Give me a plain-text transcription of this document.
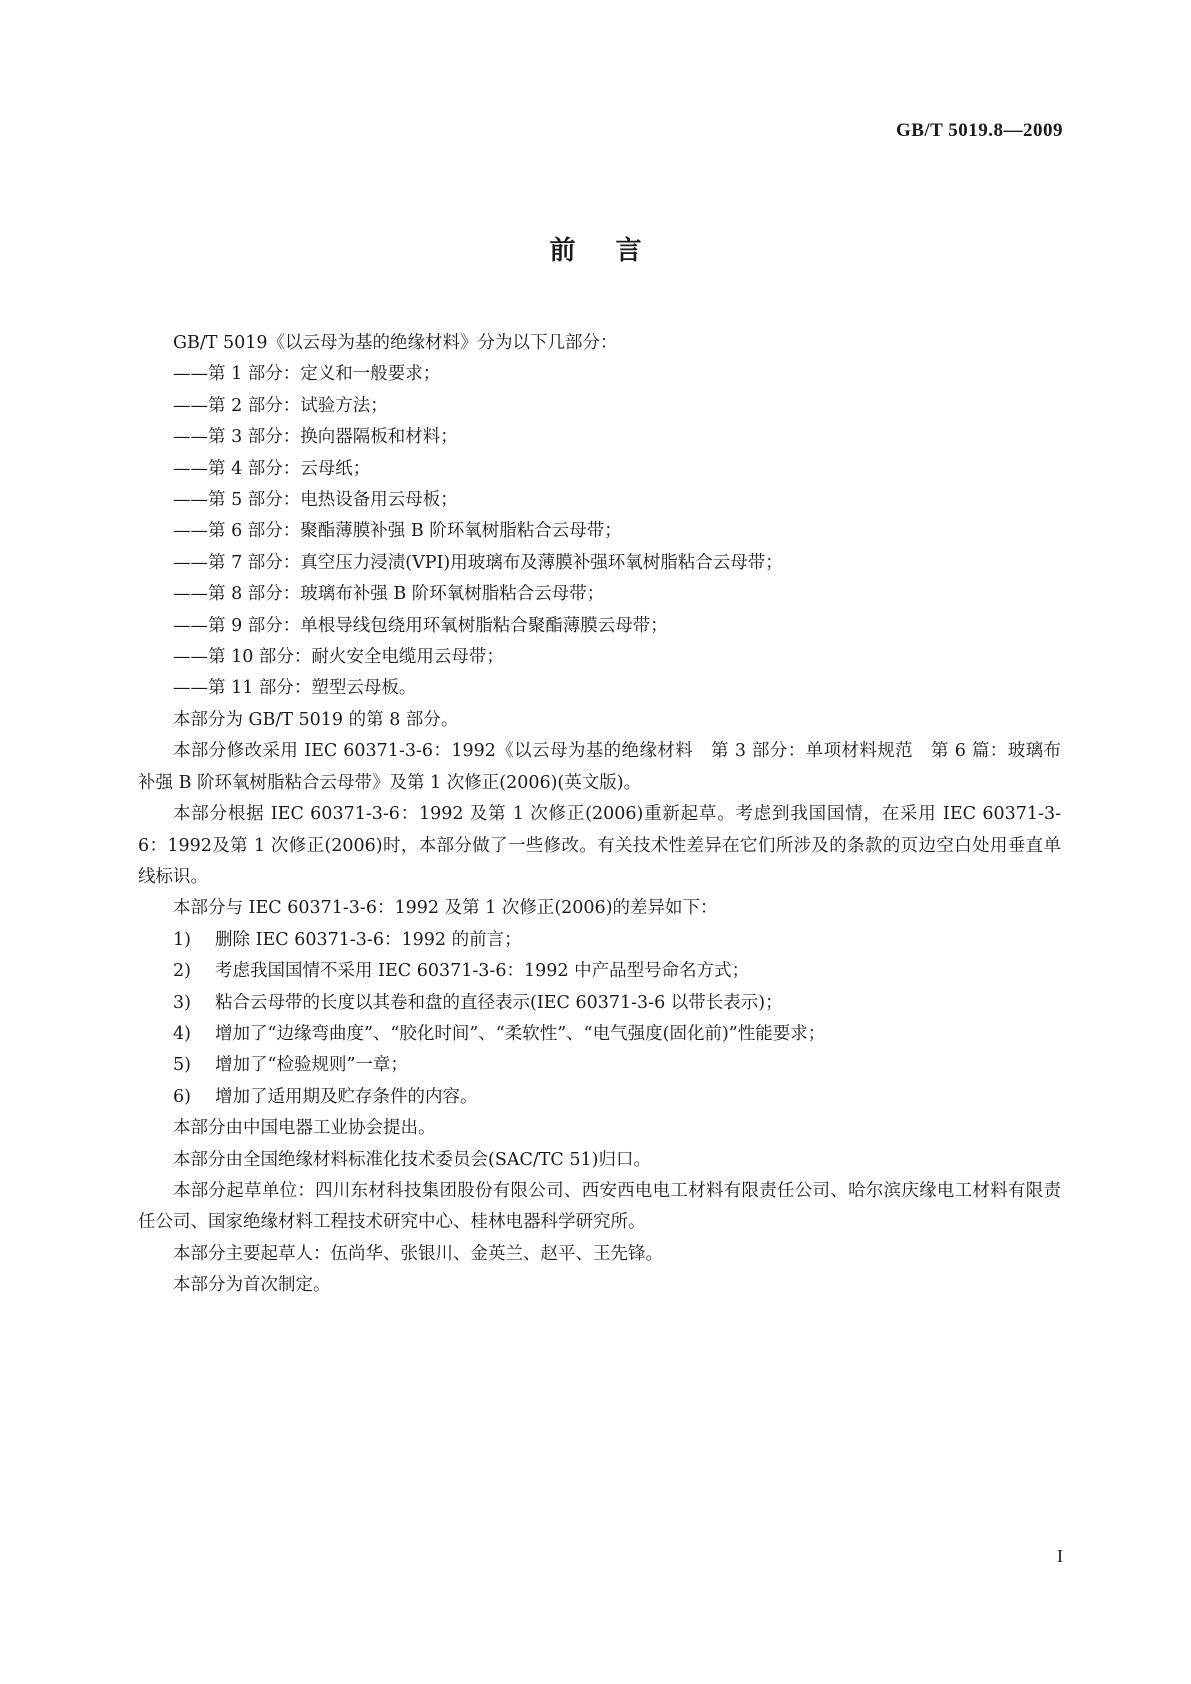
GB/T 5019.8—2009
前言

GB/T 5019《以云母为基的绝缘材料》分为以下几部分：

——第 1 部分：定义和一般要求；

——第 2 部分：试验方法；

——第 3 部分：换向器隔板和材料；

——第 4 部分：云母纸；

——第 5 部分：电热设备用云母板；

——第 6 部分：聚酯薄膜补强 B 阶环氧树脂粘合云母带；

——第 7 部分：真空压力浸渍(VPI)用玻璃布及薄膜补强环氧树脂粘合云母带；

——第 8 部分：玻璃布补强 B 阶环氧树脂粘合云母带；

——第 9 部分：单根导线包绕用环氧树脂粘合聚酯薄膜云母带；

——第 10 部分：耐火安全电缆用云母带；

——第 11 部分：塑型云母板。

本部分为 GB/T 5019 的第 8 部分。

本部分修改采用 IEC 60371-3-6：1992《以云母为基的绝缘材料　第 3 部分：单项材料规范　第 6 篇：玻璃布补强 B 阶环氧树脂粘合云母带》及第 1 次修正(2006)(英文版)。

本部分根据 IEC 60371-3-6：1992 及第 1 次修正(2006)重新起草。考虑到我国国情，在采用 IEC 60371-3-6：1992及第 1 次修正(2006)时，本部分做了一些修改。有关技术性差异在它们所涉及的条款的页边空白处用垂直单线标识。

本部分与 IEC 60371-3-6：1992 及第 1 次修正(2006)的差异如下：

1) 删除 IEC 60371-3-6：1992 的前言；

2) 考虑我国国情不采用 IEC 60371-3-6：1992 中产品型号命名方式；

3) 粘合云母带的长度以其卷和盘的直径表示(IEC 60371-3-6 以带长表示)；

4) 增加了“边缘弯曲度”、“胶化时间”、“柔软性”、“电气强度(固化前)”性能要求；

5) 增加了“检验规则”一章；

6) 增加了适用期及贮存条件的内容。

本部分由中国电器工业协会提出。

本部分由全国绝缘材料标准化技术委员会(SAC/TC 51)归口。

本部分起草单位：四川东材科技集团股份有限公司、西安西电电工材料有限责任公司、哈尔滨庆缘电工材料有限责任公司、国家绝缘材料工程技术研究中心、桂林电器科学研究所。

本部分主要起草人：伍尚华、张银川、金英兰、赵平、王先锋。

本部分为首次制定。

I
